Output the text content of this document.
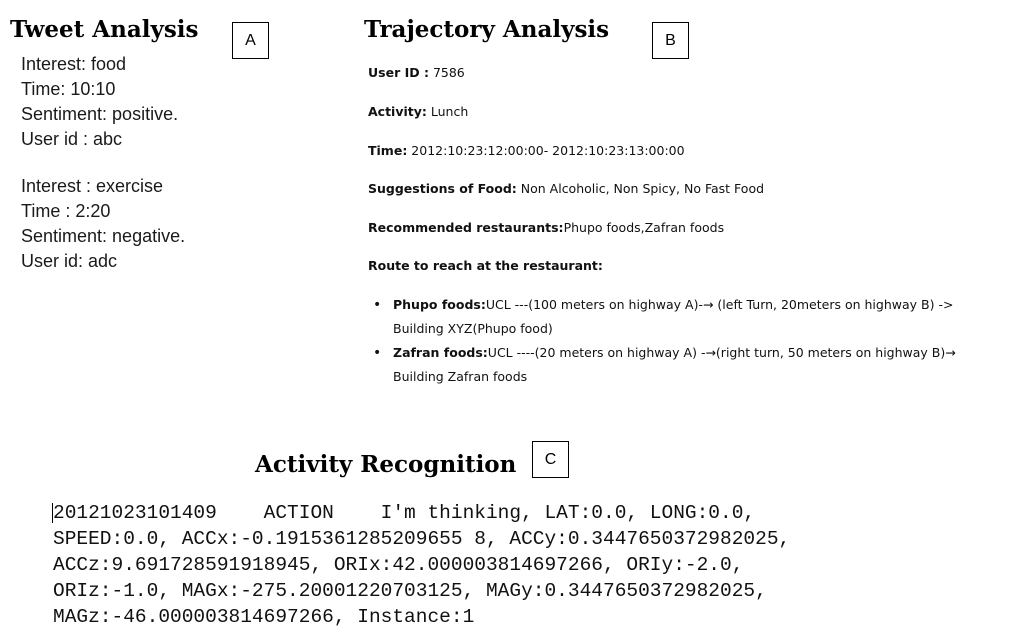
Tweet Analysis	A
Interest: food
Time: 10:10
Sentiment: positive.
User id : abc
Interest : exercise
Time : 2:20
Sentiment: negative.
User id: adc
Trajectory Analysis	B
User ID : 7586
Activity: Lunch
Time: 2012:10:23:12:00:00- 2012:10:23:13:00:00
Suggestions of Food: Non Alcoholic, Non Spicy, No Fast Food
Recommended restaurants:Phupo foods,Zafran foods
Route to reach at the restaurant:
• Phupo foods:UCL ---(100 meters on highway A)-→ (left Turn, 20meters on highway B) ->
Building XYZ(Phupo food)
• Zafran foods:UCL ----(20 meters on highway A) -→(right turn, 50 meters on highway B)→
Building Zafran foods
Activity Recognition	C
20121023101409    ACTION    I'm thinking, LAT:0.0, LONG:0.0,
SPEED:0.0, ACCx:-0.1915361285209655 8, ACCy:0.3447650372982025,
ACCz:9.691728591918945, ORIx:42.000003814697266, ORIy:-2.0,
ORIz:-1.0, MAGx:-275.20001220703125, MAGy:0.3447650372982025,
MAGz:-46.000003814697266, Instance:1
